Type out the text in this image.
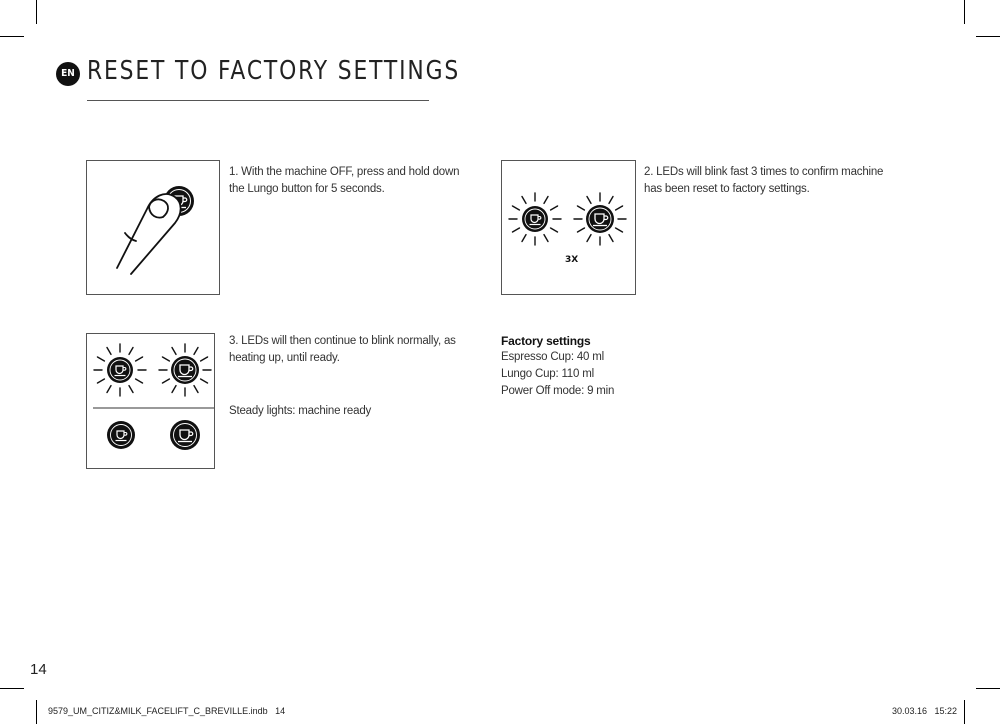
EN RESET TO FACTORY SETTINGS
1. With the machine OFF, press and hold down the Lungo button for 5 seconds.
3X
2. LEDs will blink fast 3 times to confirm machine has been reset to factory settings.
3. LEDs will then continue to blink normally, as heating up, until ready.
Steady lights: machine ready
Factory settings
Espresso Cup: 40 ml
Lungo Cup: 110 ml
Power Off mode: 9 min
14
9579_UM_CITIZ&MILK_FACELIFT_C_BREVILLE.indb   14	30.03.16   15:22
